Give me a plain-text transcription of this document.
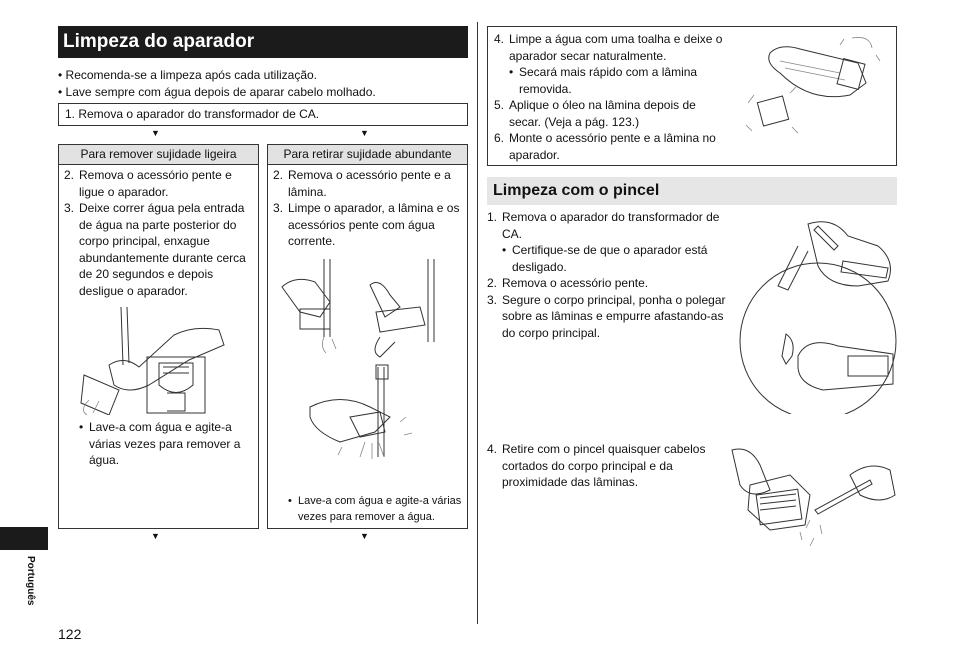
Limpeza do aparador
• Recomenda-se a limpeza após cada utilização.
• Lave sempre com água depois de aparar cabelo molhado.
1. Remova o aparador do transformador de CA.
▼	▼
Para remover sujidade ligeira
2. Remova o acessório pente e ligue o aparador.
3. Deixe correr água pela entrada de água na parte posterior do corpo principal, enxague abundantemente durante cerca de 20 segundos e depois desligue o aparador.
• Lave-a com água e agite-a várias vezes para remover a água.
Para retirar sujidade abundante
2. Remova o acessório pente e a lâmina.
3. Limpe o aparador, a lâmina e os acessórios pente com água corrente.
• Lave-a com água e agite-a várias vezes para remover a água.
▼	▼
4. Limpe a água com uma toalha e deixe o aparador secar naturalmente.
• Secará mais rápido com a lâmina removida.
5. Aplique o óleo na lâmina depois de secar. (Veja a pág. 123.)
6. Monte o acessório pente e a lâmina no aparador.
Limpeza com o pincel
1. Remova o aparador do transformador de CA.
• Certifique-se de que o aparador está desligado.
2. Remova o acessório pente.
3. Segure o corpo principal, ponha o polegar sobre as lâminas e empurre afastando-as do corpo principal.
4. Retire com o pincel quaisquer cabelos cortados do corpo principal e da proximidade das lâminas.
Português
122
